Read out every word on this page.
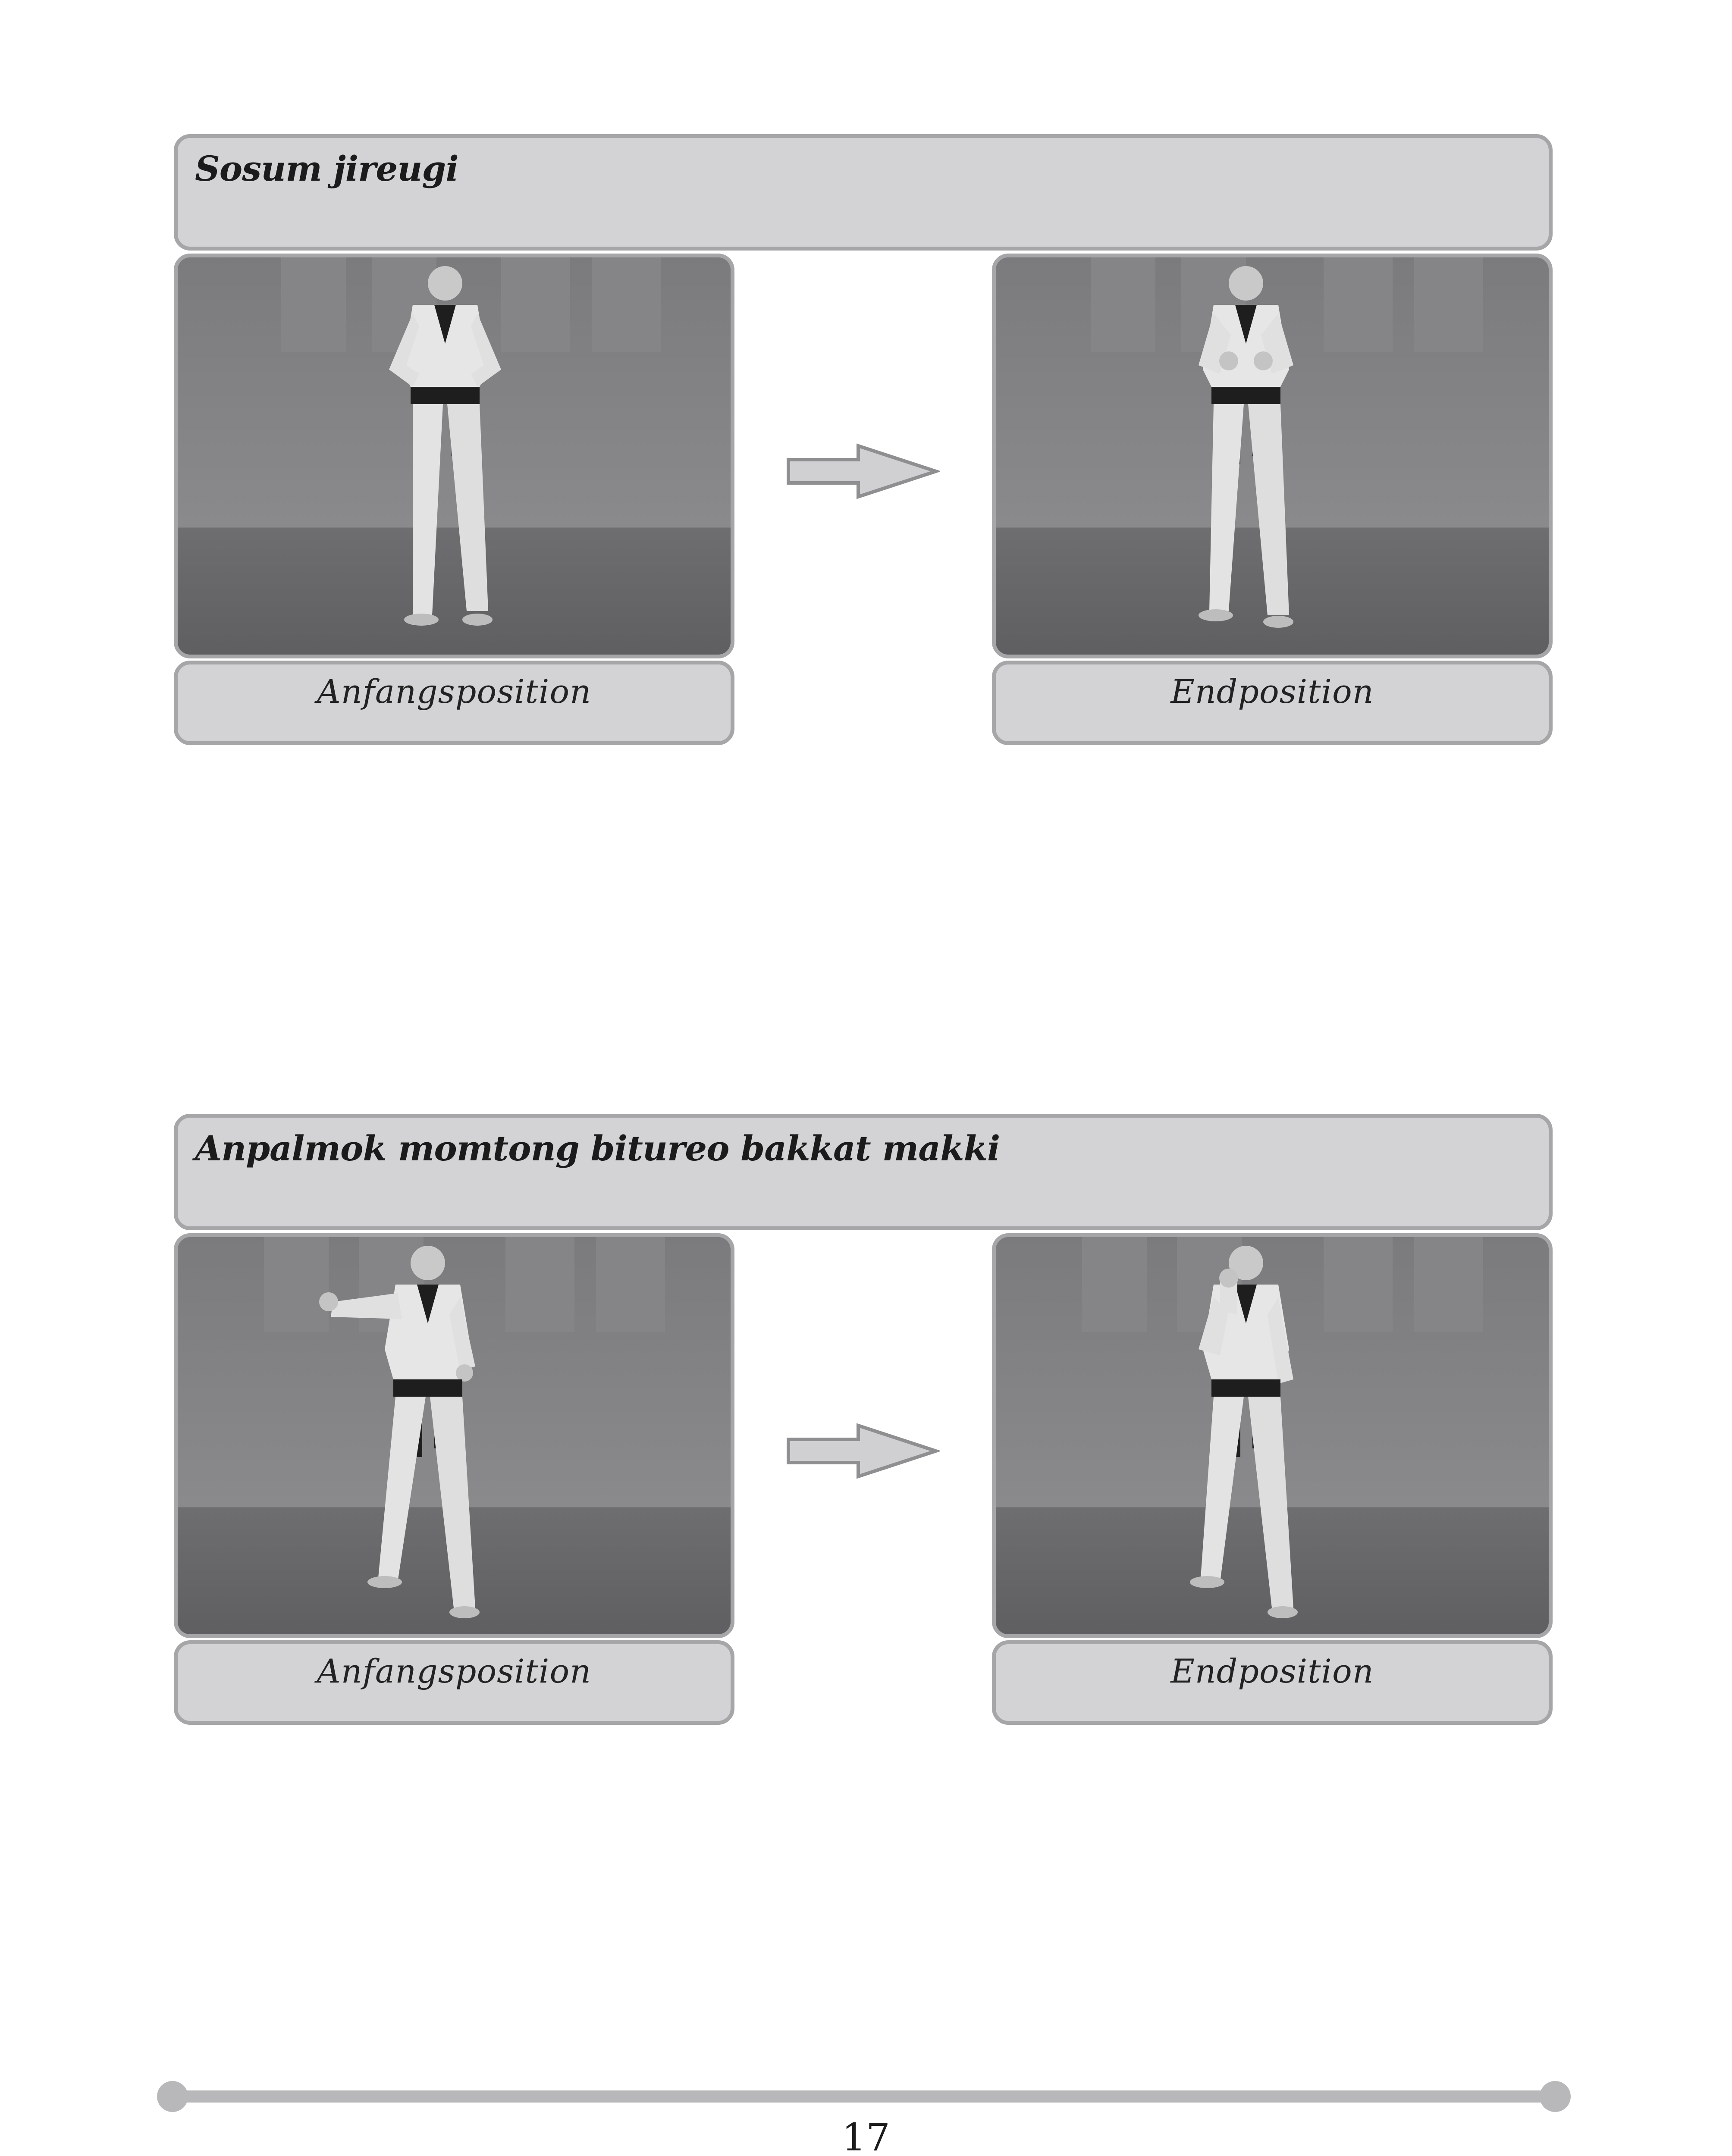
Sosum jireugi
Anfangsposition	Endposition
Anpalmok momtong bitureo bakkat makki
Anfangsposition	Endposition
17
